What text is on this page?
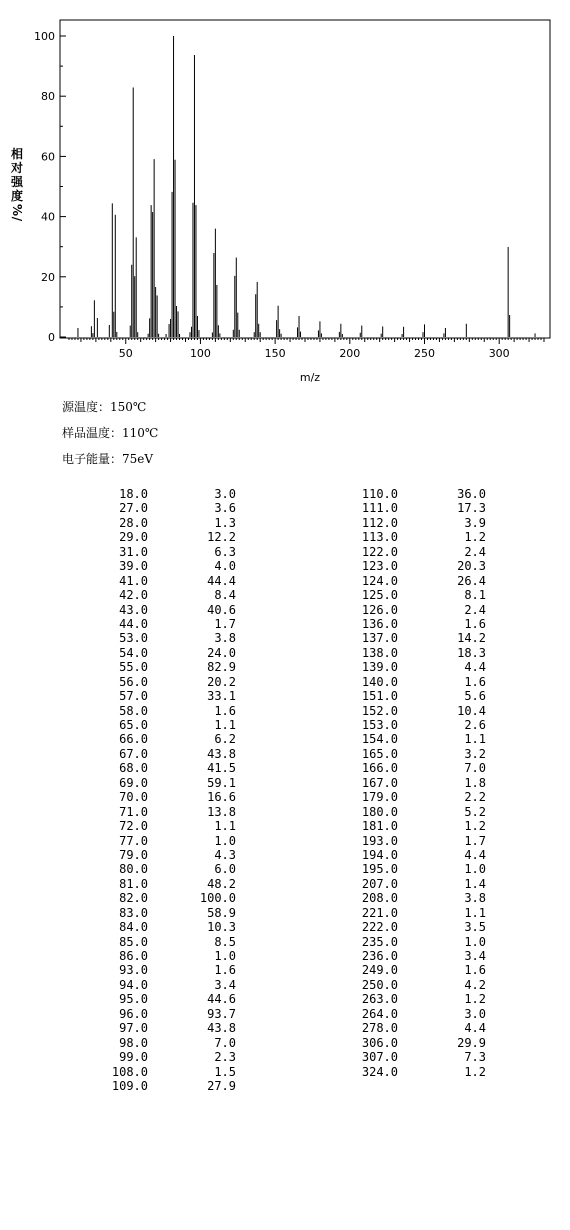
50	100	150	200	250	300
0
20
40
60
80
100
m/z
相
对
强
度
%
/
源温度：150℃
样品温度：110℃
电子能量：75eV
18.0	3.0
27.0	3.6
28.0	1.3
29.0	12.2
31.0	6.3
39.0	4.0
41.0	44.4
42.0	8.4
43.0	40.6
44.0	1.7
53.0	3.8
54.0	24.0
55.0	82.9
56.0	20.2
57.0	33.1
58.0	1.6
65.0	1.1
66.0	6.2
67.0	43.8
68.0	41.5
69.0	59.1
70.0	16.6
71.0	13.8
72.0	1.1
77.0	1.0
79.0	4.3
80.0	6.0
81.0	48.2
82.0	100.0
83.0	58.9
84.0	10.3
85.0	8.5
86.0	1.0
93.0	1.6
94.0	3.4
95.0	44.6
96.0	93.7
97.0	43.8
98.0	7.0
99.0	2.3
108.0	1.5
109.0	27.9
110.0	36.0
111.0	17.3
112.0	3.9
113.0	1.2
122.0	2.4
123.0	20.3
124.0	26.4
125.0	8.1
126.0	2.4
136.0	1.6
137.0	14.2
138.0	18.3
139.0	4.4
140.0	1.6
151.0	5.6
152.0	10.4
153.0	2.6
154.0	1.1
165.0	3.2
166.0	7.0
167.0	1.8
179.0	2.2
180.0	5.2
181.0	1.2
193.0	1.7
194.0	4.4
195.0	1.0
207.0	1.4
208.0	3.8
221.0	1.1
222.0	3.5
235.0	1.0
236.0	3.4
249.0	1.6
250.0	4.2
263.0	1.2
264.0	3.0
278.0	4.4
306.0	29.9
307.0	7.3
324.0	1.2
